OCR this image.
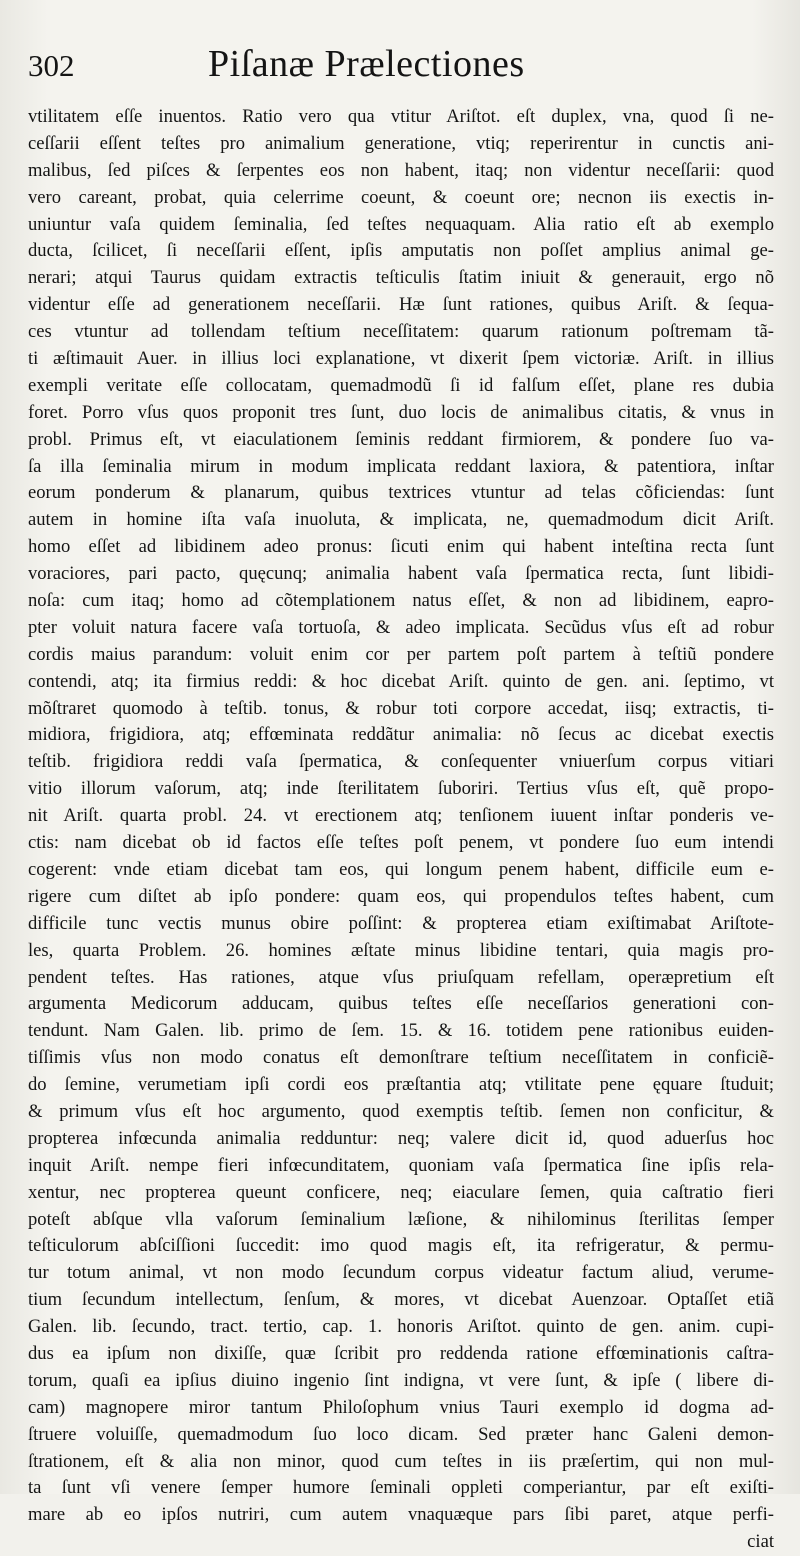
302	Piſanæ Prælectiones
vtilitatem eſſe inuentos. Ratio vero qua vtitur Ariſtot. eſt duplex, vna, quod ſi ne-
ceſſarii eſſent teſtes pro animalium generatione, vtiq; reperirentur in cunctis ani-
malibus, ſed piſces & ſerpentes eos non habent, itaq; non videntur neceſſarii: quod
vero careant, probat, quia celerrime coeunt, & coeunt ore; necnon iis exectis in-
uniuntur vaſa quidem ſeminalia, ſed teſtes nequaquam. Alia ratio eſt ab exemplo
ducta, ſcilicet, ſi neceſſarii eſſent, ipſis amputatis non poſſet amplius animal ge-
nerari; atqui Taurus quidam extractis teſticulis ſtatim iniuit & generauit, ergo nõ
videntur eſſe ad generationem neceſſarii. Hæ ſunt rationes, quibus Ariſt. & ſequa-
ces vtuntur ad tollendam teſtium neceſſitatem: quarum rationum poſtremam tã-
ti æſtimauit Auer. in illius loci explanatione, vt dixerit ſpem victoriæ. Ariſt. in illius
exempli veritate eſſe collocatam, quemadmodũ ſi id falſum eſſet, plane res dubia
foret. Porro vſus quos proponit tres ſunt, duo locis de animalibus citatis, & vnus in
probl. Primus eſt, vt eiaculationem ſeminis reddant firmiorem, & pondere ſuo va-
ſa illa ſeminalia mirum in modum implicata reddant laxiora, & patentiora, inſtar
eorum ponderum & planarum, quibus textrices vtuntur ad telas cõficiendas: ſunt
autem in homine iſta vaſa inuoluta, & implicata, ne, quemadmodum dicit Ariſt.
homo eſſet ad libidinem adeo pronus: ſicuti enim qui habent inteſtina recta ſunt
voraciores, pari pacto, quęcunq; animalia habent vaſa ſpermatica recta, ſunt libidi-
noſa: cum itaq; homo ad cõtemplationem natus eſſet, & non ad libidinem, eapro-
pter voluit natura facere vaſa tortuoſa, & adeo implicata. Secũdus vſus eſt ad robur
cordis maius parandum: voluit enim cor per partem poſt partem à teſtiũ pondere
contendi, atq; ita firmius reddi: & hoc dicebat Ariſt. quinto de gen. ani. ſeptimo, vt
mõſtraret quomodo à teſtib. tonus, & robur toti corpore accedat, iisq; extractis, ti-
midiora, frigidiora, atq; effœminata reddãtur animalia: nõ ſecus ac dicebat exectis
teſtib. frigidiora reddi vaſa ſpermatica, & conſequenter vniuerſum corpus vitiari
vitio illorum vaſorum, atq; inde ſterilitatem ſuboriri. Tertius vſus eſt, quẽ propo-
nit Ariſt. quarta probl. 24. vt erectionem atq; tenſionem iuuent inſtar ponderis ve-
ctis: nam dicebat ob id factos eſſe teſtes poſt penem, vt pondere ſuo eum intendi
cogerent: vnde etiam dicebat tam eos, qui longum penem habent, difficile eum e-
rigere cum diſtet ab ipſo pondere: quam eos, qui propendulos teſtes habent, cum
difficile tunc vectis munus obire poſſint: & propterea etiam exiſtimabat Ariſtote-
les, quarta Problem. 26. homines æſtate minus libidine tentari, quia magis pro-
pendent teſtes. Has rationes, atque vſus priuſquam refellam, operæpretium eſt
argumenta Medicorum adducam, quibus teſtes eſſe neceſſarios generationi con-
tendunt. Nam Galen. lib. primo de ſem. 15. & 16. totidem pene rationibus euiden-
tiſſimis vſus non modo conatus eſt demonſtrare teſtium neceſſitatem in conficiẽ-
do ſemine, verumetiam ipſi cordi eos præſtantia atq; vtilitate pene ęquare ſtuduit;
& primum vſus eſt hoc argumento, quod exemptis teſtib. ſemen non conficitur, &
propterea infœcunda animalia redduntur: neq; valere dicit id, quod aduerſus hoc
inquit Ariſt. nempe fieri infœcunditatem, quoniam vaſa ſpermatica ſine ipſis rela-
xentur, nec propterea queunt conficere, neq; eiaculare ſemen, quia caſtratio fieri
poteſt abſque vlla vaſorum ſeminalium læſione, & nihilominus ſterilitas ſemper
teſticulorum abſciſſioni ſuccedit: imo quod magis eſt, ita refrigeratur, & permu-
tur totum animal, vt non modo ſecundum corpus videatur factum aliud, verume-
tium ſecundum intellectum, ſenſum, & mores, vt dicebat Auenzoar. Optaſſet etiã
Galen. lib. ſecundo, tract. tertio, cap. 1. honoris Ariſtot. quinto de gen. anim. cupi-
dus ea ipſum non dixiſſe, quæ ſcribit pro reddenda ratione effœminationis caſtra-
torum, quaſi ea ipſius diuino ingenio ſint indigna, vt vere ſunt, & ipſe ( libere di-
cam) magnopere miror tantum Philoſophum vnius Tauri exemplo id dogma ad-
ſtruere voluiſſe, quemadmodum ſuo loco dicam. Sed præter hanc Galeni demon-
ſtrationem, eſt & alia non minor, quod cum teſtes in iis præſertim, qui non mul-
ta ſunt vſi venere ſemper humore ſeminali oppleti comperiantur, par eſt exiſti-
mare ab eo ipſos nutriri, cum autem vnaquæque pars ſibi paret, atque perfi-
ciat
